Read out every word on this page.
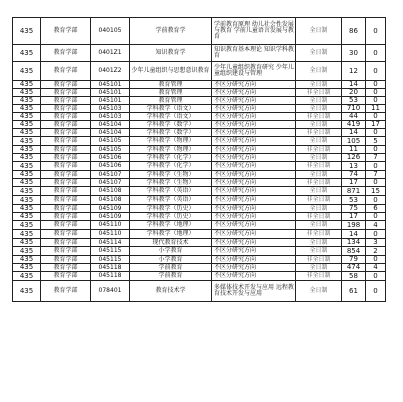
435	教育学部	040105	学前教育学	学前教育原理 幼儿社会性发展与教育 学前儿童语言发展与教育	全日制	86	0
435	教育学部	0401Z1	知识教育学	知识教育基本理论 知识学科教育	全日制	30	0
435	教育学部	0401Z2	少年儿童组织与思想意识教育	少年儿童组织教育研究 少年儿童组织建设与管理	全日制	12	0
435	教育学部	045101	教育管理	不区分研究方向	全日制	14	0
435	教育学部	045101	教育管理	不区分研究方向	非全日制	20	0
435	教育学部	045101	教育管理	不区分研究方向	全日制	53	0
435	教育学部	045103	学科教学（语文）	不区分研究方向	全日制	710	11
435	教育学部	045103	学科教学（语文）	不区分研究方向	非全日制	44	0
435	教育学部	045104	学科教学（数学）	不区分研究方向	全日制	419	17
435	教育学部	045104	学科教学（数学）	不区分研究方向	非全日制	14	0
435	教育学部	045105	学科教学（物理）	不区分研究方向	全日制	105	5
435	教育学部	045105	学科教学（物理）	不区分研究方向	非全日制	11	0
435	教育学部	045106	学科教学（化学）	不区分研究方向	全日制	126	7
435	教育学部	045106	学科教学（化学）	不区分研究方向	非全日制	13	0
435	教育学部	045107	学科教学（生物）	不区分研究方向	全日制	74	7
435	教育学部	045107	学科教学（生物）	不区分研究方向	非全日制	17	0
435	教育学部	045108	学科教学（英语）	不区分研究方向	全日制	871	15
435	教育学部	045108	学科教学（英语）	不区分研究方向	非全日制	53	0
435	教育学部	045109	学科教学（历史）	不区分研究方向	全日制	75	6
435	教育学部	045109	学科教学（历史）	不区分研究方向	非全日制	17	0
435	教育学部	045110	学科教学（地理）	不区分研究方向	全日制	198	4
435	教育学部	045110	学科教学（地理）	不区分研究方向	非全日制	14	0
435	教育学部	045114	现代教育技术	不区分研究方向	全日制	134	3
435	教育学部	045115	小学教育	不区分研究方向	全日制	854	2
435	教育学部	045115	小学教育	不区分研究方向	非全日制	79	0
435	教育学部	045118	学前教育	不区分研究方向	全日制	474	4
435	教育学部	045118	学前教育	不区分研究方向	非全日制	58	0
435	教育学部	078401	教育技术学	多媒体技术开发与应用 远程教育技术开发与应用	全日制	61	0
